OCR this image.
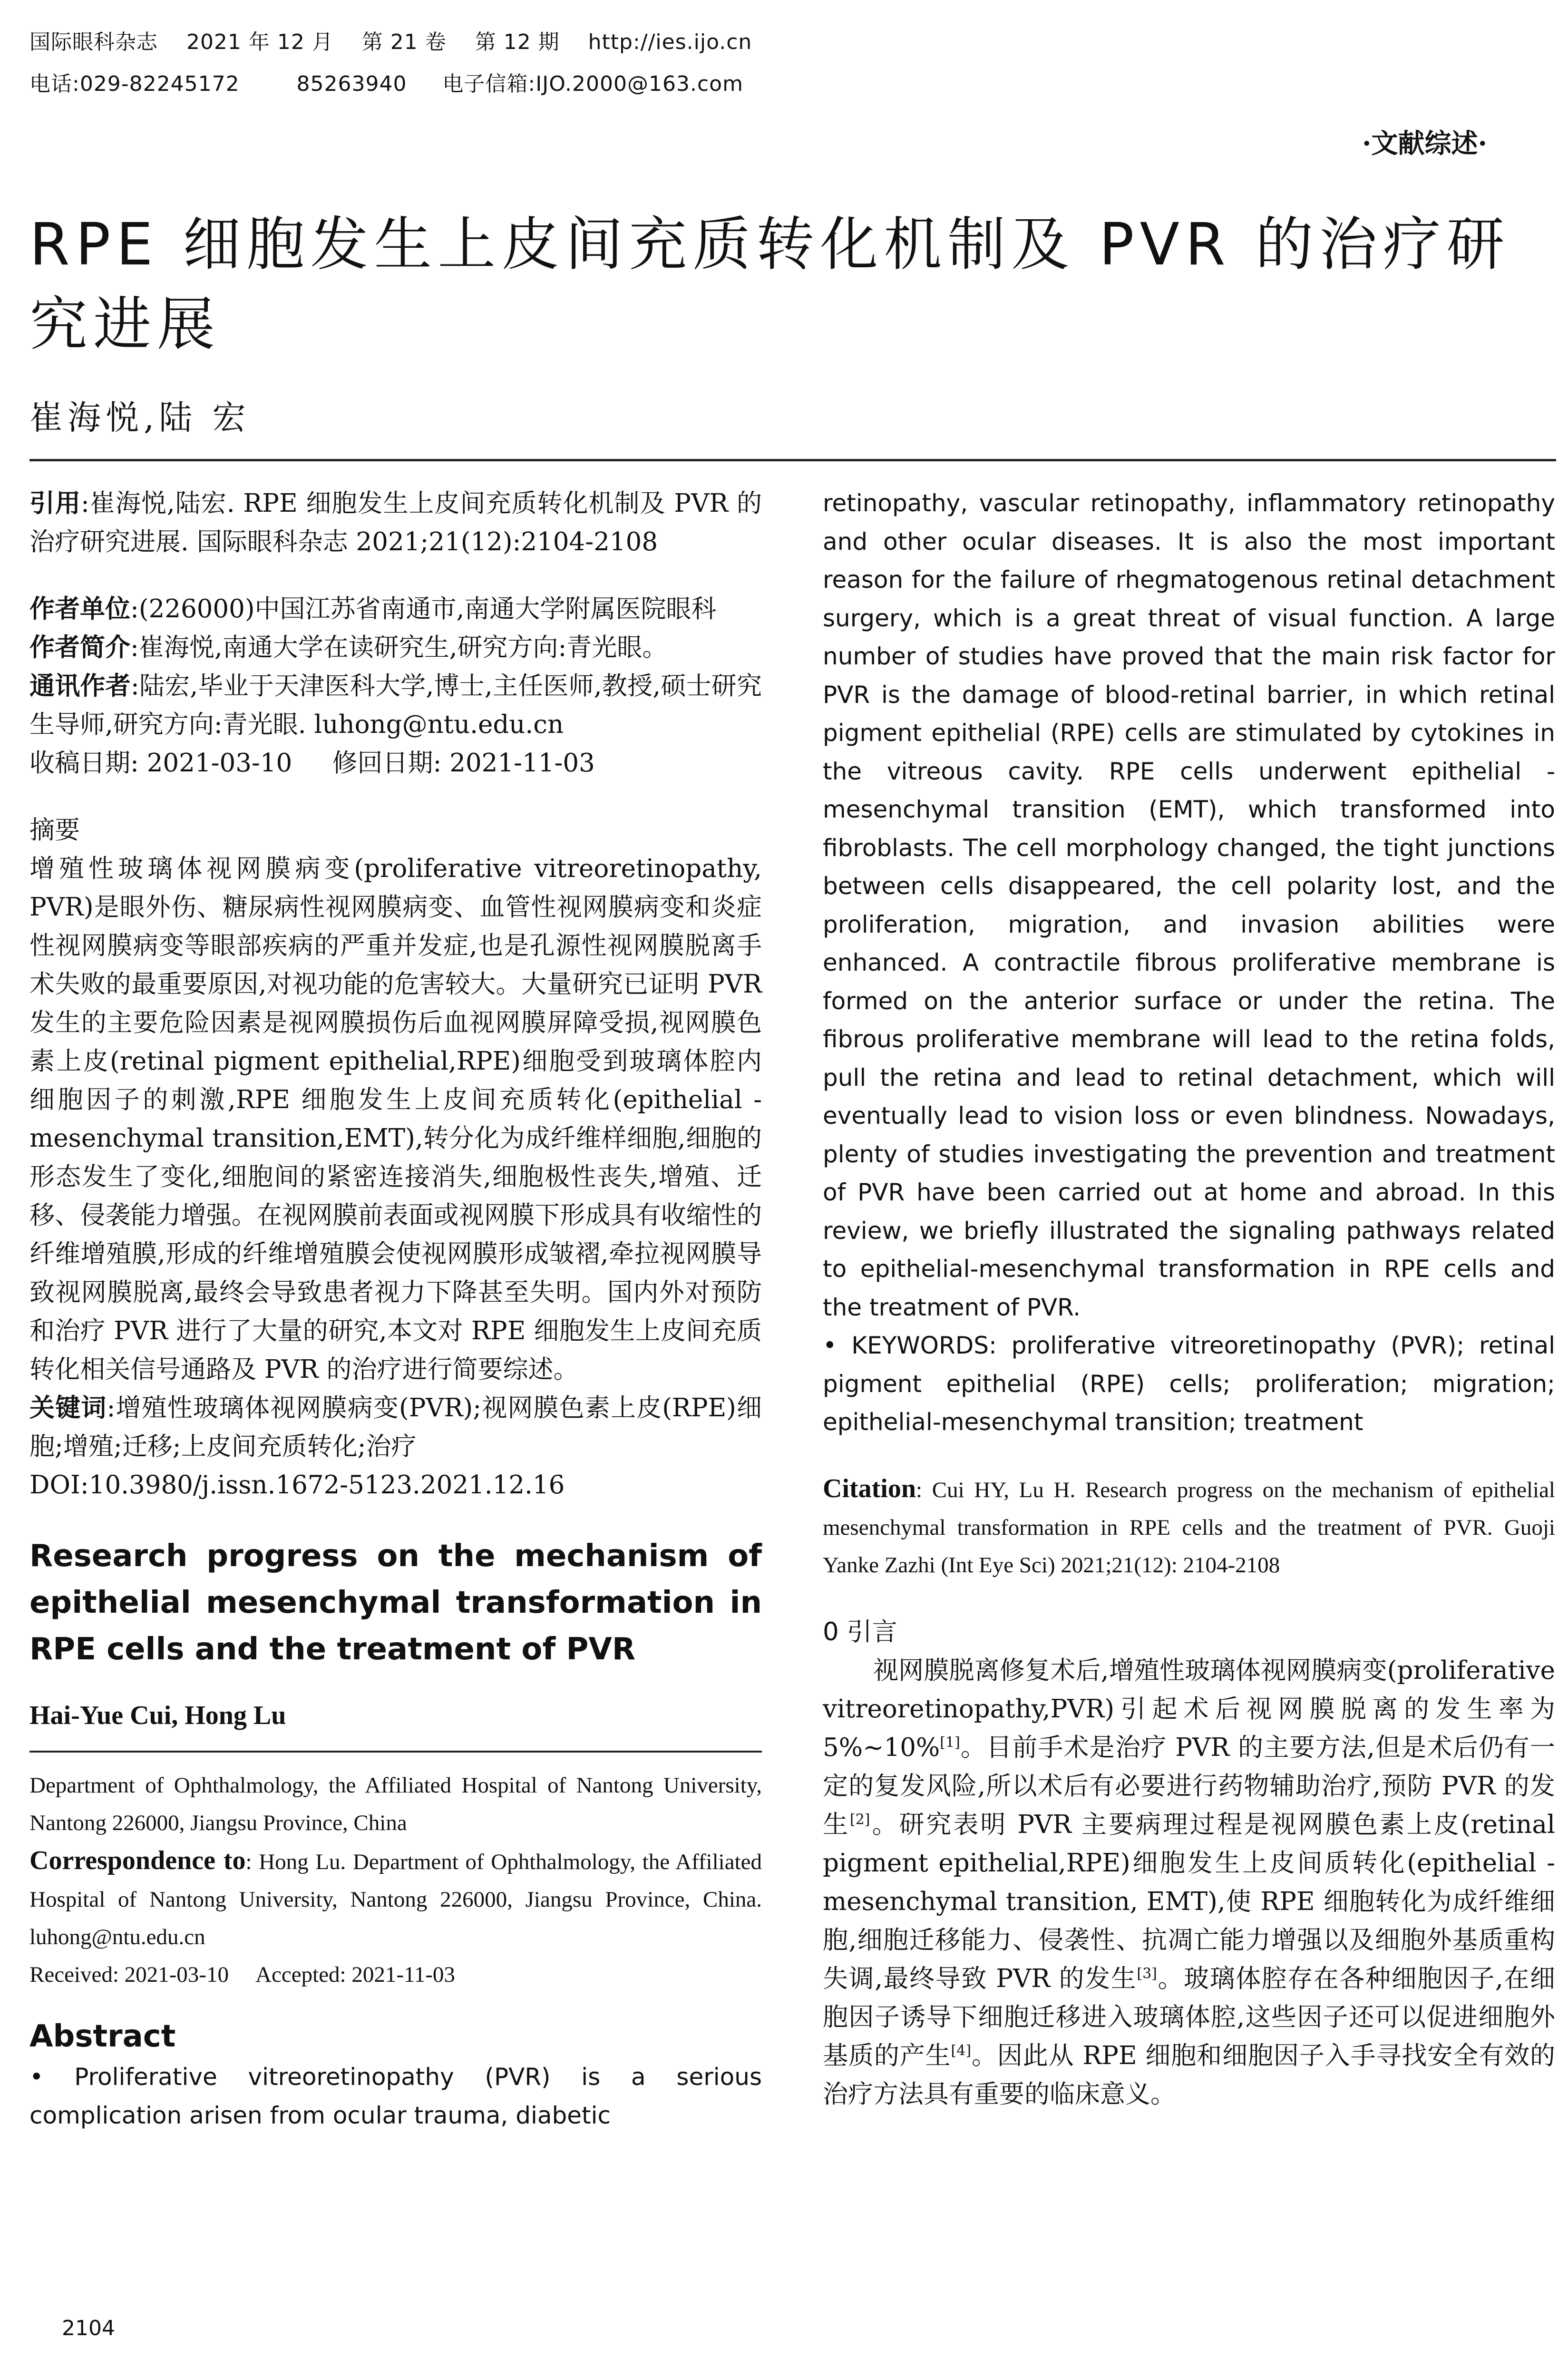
国际眼科杂志    2021 年 12 月    第 21 卷    第 12 期    http://ies.ijo.cn
电话:029-82245172        85263940     电子信箱:IJO.2000@163.com
·文献综述·
RPE 细胞发生上皮间充质转化机制及 PVR 的治疗研究进展
崔海悦,陆 宏

引用:崔海悦,陆宏. RPE 细胞发生上皮间充质转化机制及 PVR 的治疗研究进展. 国际眼科杂志 2021;21(12):2104-2108

作者单位:(226000)中国江苏省南通市,南通大学附属医院眼科

作者简介:崔海悦,南通大学在读研究生,研究方向:青光眼。

通讯作者:陆宏,毕业于天津医科大学,博士,主任医师,教授,硕士研究生导师,研究方向:青光眼. luhong@ntu.edu.cn

收稿日期: 2021-03-10     修回日期: 2021-11-03

摘要

增殖性玻璃体视网膜病变(proliferative vitreoretinopathy, PVR)是眼外伤、糖尿病性视网膜病变、血管性视网膜病变和炎症性视网膜病变等眼部疾病的严重并发症,也是孔源性视网膜脱离手术失败的最重要原因,对视功能的危害较大。大量研究已证明 PVR 发生的主要危险因素是视网膜损伤后血视网膜屏障受损,视网膜色素上皮(retinal pigment epithelial,RPE)细胞受到玻璃体腔内细胞因子的刺激,RPE 细胞发生上皮间充质转化(epithelial - mesenchymal transition,EMT),转分化为成纤维样细胞,细胞的形态发生了变化,细胞间的紧密连接消失,细胞极性丧失,增殖、迁移、侵袭能力增强。在视网膜前表面或视网膜下形成具有收缩性的纤维增殖膜,形成的纤维增殖膜会使视网膜形成皱褶,牵拉视网膜导致视网膜脱离,最终会导致患者视力下降甚至失明。国内外对预防和治疗 PVR 进行了大量的研究,本文对 RPE 细胞发生上皮间充质转化相关信号通路及 PVR 的治疗进行简要综述。

关键词:增殖性玻璃体视网膜病变(PVR);视网膜色素上皮(RPE)细胞;增殖;迁移;上皮间充质转化;治疗

DOI:10.3980/j.issn.1672-5123.2021.12.16

Research progress on the mechanism of epithelial mesenchymal transformation in RPE cells and the treatment of PVR

Hai-Yue Cui, Hong Lu

Department of Ophthalmology, the Affiliated Hospital of Nantong University, Nantong 226000, Jiangsu Province, China

Correspondence to: Hong Lu. Department of Ophthalmology, the Affiliated Hospital of Nantong University, Nantong 226000, Jiangsu Province, China. luhong@ntu.edu.cn

Received: 2021-03-10     Accepted: 2021-11-03

Abstract

• Proliferative vitreoretinopathy (PVR) is a serious complication arisen from ocular trauma, diabetic

retinopathy, vascular retinopathy, inflammatory retinopathy and other ocular diseases. It is also the most important reason for the failure of rhegmatogenous retinal detachment surgery, which is a great threat of visual function. A large number of studies have proved that the main risk factor for PVR is the damage of blood-retinal barrier, in which retinal pigment epithelial (RPE) cells are stimulated by cytokines in the vitreous cavity. RPE cells underwent epithelial - mesenchymal transition (EMT), which transformed into fibroblasts. The cell morphology changed, the tight junctions between cells disappeared, the cell polarity lost, and the proliferation, migration, and invasion abilities were enhanced. A contractile fibrous proliferative membrane is formed on the anterior surface or under the retina. The fibrous proliferative membrane will lead to the retina folds, pull the retina and lead to retinal detachment, which will eventually lead to vision loss or even blindness. Nowadays, plenty of studies investigating the prevention and treatment of PVR have been carried out at home and abroad. In this review, we briefly illustrated the signaling pathways related to epithelial-mesenchymal transformation in RPE cells and the treatment of PVR.

• KEYWORDS: proliferative vitreoretinopathy (PVR); retinal pigment epithelial (RPE) cells; proliferation; migration; epithelial-mesenchymal transition; treatment

Citation: Cui HY, Lu H. Research progress on the mechanism of epithelial mesenchymal transformation in RPE cells and the treatment of PVR. Guoji Yanke Zazhi (Int Eye Sci) 2021;21(12): 2104-2108

0 引言

视网膜脱离修复术后,增殖性玻璃体视网膜病变(proliferative vitreoretinopathy,PVR)引起术后视网膜脱离的发生率为5%~10%[1]。目前手术是治疗 PVR 的主要方法,但是术后仍有一定的复发风险,所以术后有必要进行药物辅助治疗,预防 PVR 的发生[2]。研究表明 PVR 主要病理过程是视网膜色素上皮(retinal pigment epithelial,RPE)细胞发生上皮间质转化(epithelial - mesenchymal transition, EMT),使 RPE 细胞转化为成纤维细胞,细胞迁移能力、侵袭性、抗凋亡能力增强以及细胞外基质重构失调,最终导致 PVR 的发生[3]。玻璃体腔存在各种细胞因子,在细胞因子诱导下细胞迁移进入玻璃体腔,这些因子还可以促进细胞外基质的产生[4]。因此从 RPE 细胞和细胞因子入手寻找安全有效的治疗方法具有重要的临床意义。

2104
